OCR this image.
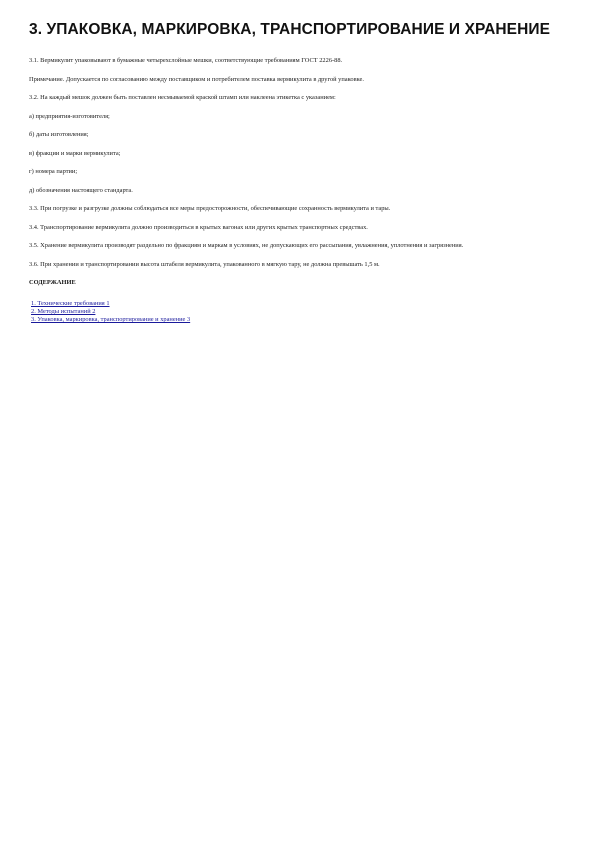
3. УПАКОВКА, МАРКИРОВКА, ТРАНСПОРТИРОВАНИЕ И ХРАНЕНИЕ

3.1. Вермикулит упаковывают в бумажные четырехслойные мешки, соответствующие требованиям ГОСТ 2226-88.

Примечание. Допускается по согласованию между поставщиком и потребителем поставка вермикулита в другой упаковке.

3.2. На каждый мешок должен быть поставлен несмываемой краской штамп или наклеена этикетка с указанием:

а) предприятия-изготовителя;

б) даты изготовления;

в) фракции и марки вермикулита;

г) номера партии;

д) обозначения настоящего стандарта.

3.3. При погрузке и разгрузке должны соблюдаться все меры предосторожности, обеспечивающие сохранность вермикулита и тары.

3.4. Транспортирование вермикулита должно производиться в крытых вагонах или других крытых транспортных средствах.

3.5. Хранение вермикулита производят раздельно по фракциям и маркам в условиях, не допускающих его рассыпания, увлажнения, уплотнения и загрязнения.

3.6. При хранении и транспортировании высота штабеля вермикулита, упакованного в мягкую тару, не должна превышать 1,5 м.

СОДЕРЖАНИЕ

1. Технические требования 1
2. Методы испытаний 2
3. Упаковка, маркировка, транспортирование и хранение 3
